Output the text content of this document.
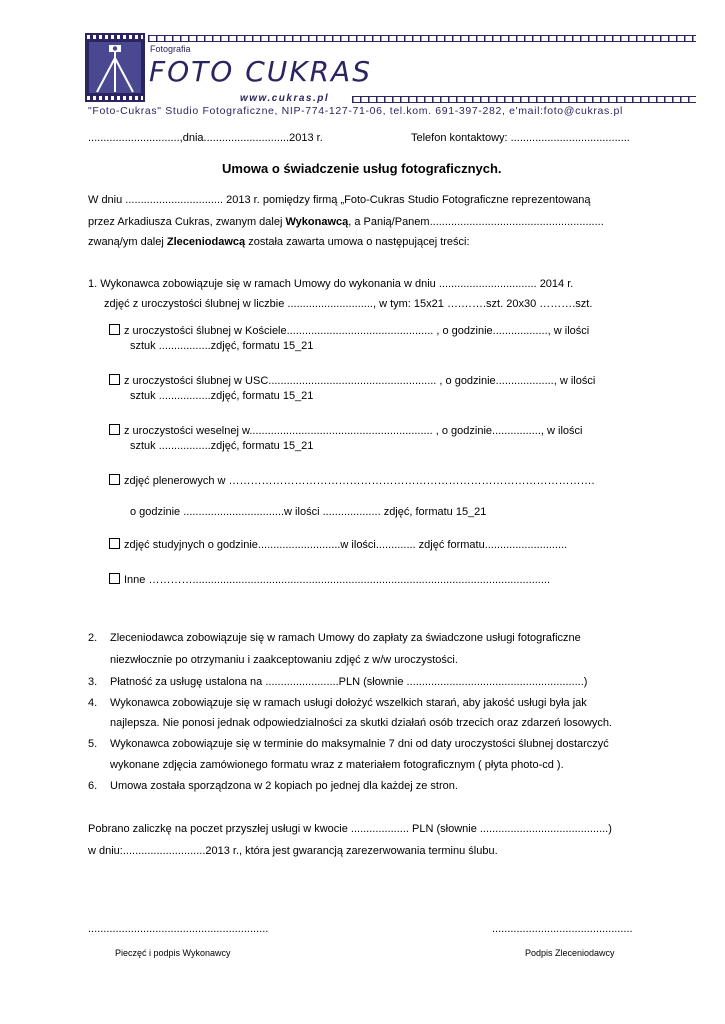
Fotografia
FOTO CUKRAS
www.cukras.pl
"Foto-Cukras" Studio Fotograficzne, NIP-774-127-71-06, tel.kom. 691-397-282, e'mail:foto@cukras.pl
..............................,dnia............................2013 r.	Telefon kontaktowy: .......................................
Umowa o świadczenie usług fotograficznych.
W dniu ................................ 2013 r. pomiędzy firmą „Foto-Cukras Studio Fotograficzne reprezentowaną
przez Arkadiusza Cukras, zwanym dalej Wykonawcą, a Panią/Panem.........................................................
zwaną/ym dalej Zleceniodawcą została zawarta umowa o następującej treści:
1. Wykonawca zobowiązuje się w ramach Umowy do wykonania w dniu ................................ 2014 r.
zdjęć z uroczystości ślubnej w liczbie ............................, w tym: 15x21 ….…….szt. 20x30 ……….szt.
z uroczystości ślubnej w Kościele................................................ , o godzinie.................., w ilości
sztuk .................zdjęć, formatu 15_21
z uroczystości ślubnej w USC....................................................... , o godzinie..................., w ilości
sztuk .................zdjęć, formatu 15_21
z uroczystości weselnej w............................................................ , o godzinie................, w ilości
sztuk .................zdjęć, formatu 15_21
zdjęć plenerowych w ……………………………………………………………………………………….
o godzinie .................................w ilości ................... zdjęć, formatu 15_21
zdjęć studyjnych o godzinie...........................w ilości............. zdjęć formatu...........................
Inne ………….....................................................................................................................
2. Zleceniodawca zobowiązuje się w ramach Umowy do zapłaty za świadczone usługi fotograficzne
niezwłocznie po otrzymaniu i zaakceptowaniu zdjęć z w/w uroczystości.
3. Płatność za usługę ustalona na ........................PLN (słownie ..........................................................)
4. Wykonawca zobowiązuje się w ramach usługi dołożyć wszelkich starań, aby jakość usługi była jak
najlepsza. Nie ponosi jednak odpowiedzialności za skutki działań osób trzecich oraz zdarzeń losowych.
5. Wykonawca zobowiązuje się w terminie do maksymalnie 7 dni od daty uroczystości ślubnej dostarczyć
wykonane zdjęcia zamówionego formatu wraz z materiałem fotograficznym ( płyta photo-cd ).
6. Umowa została sporządzona w 2 kopiach po jednej dla każdej ze stron.
Pobrano zaliczkę na poczet przyszłej usługi w kwocie ................... PLN (słownie ..........................................)
w dniu:...........................2013 r., która jest gwarancją zarezerwowania terminu ślubu.
...........................................................	..............................................
Pieczęć i podpis Wykonawcy	Podpis Zleceniodawcy
